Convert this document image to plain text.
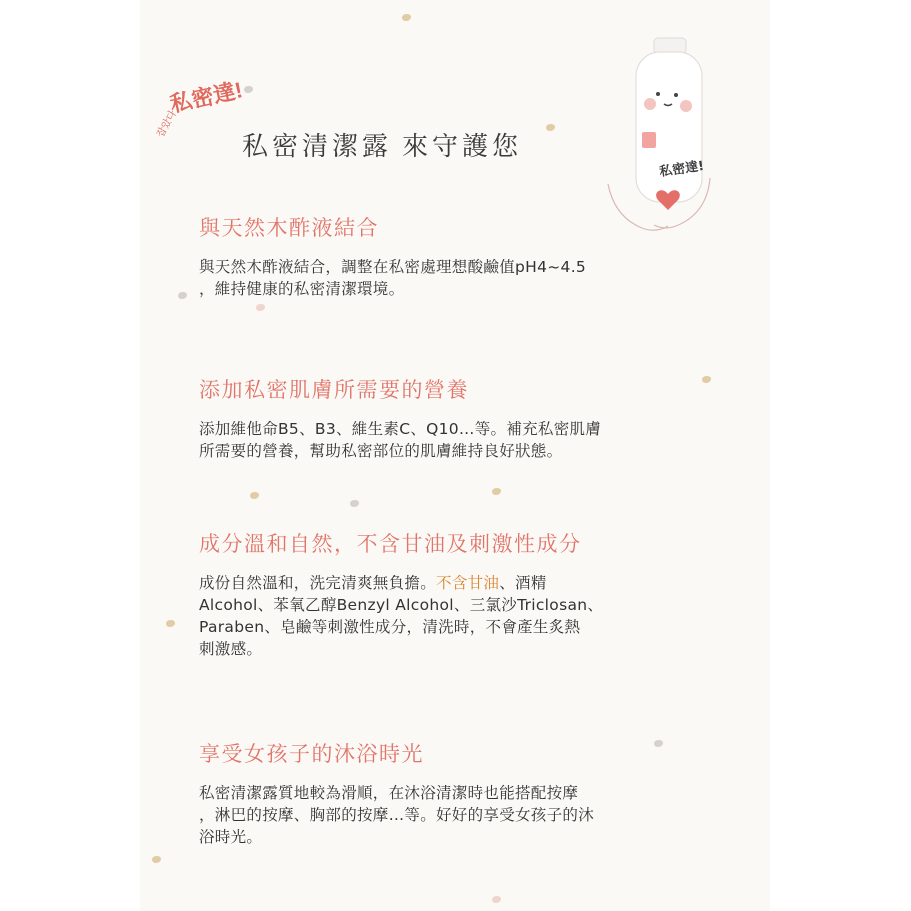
私密達!
잡았다
私密清潔露 來守護您
私密達!
與天然木酢液結合

與天然木酢液結合，調整在私密處理想酸鹼值pH4~4.5
，維持健康的私密清潔環境。

添加私密肌膚所需要的營養

添加維他命B5、B3、維生素C、Q10…等。補充私密肌膚
所需要的營養，幫助私密部位的肌膚維持良好狀態。

成分溫和自然，不含甘油及刺激性成分

成份自然溫和，洗完清爽無負擔。不含甘油、酒精
Alcohol、苯氧乙醇Benzyl Alcohol、三氯沙Triclosan、
Paraben、皂鹼等刺激性成分，清洗時，不會產生炙熱
刺激感。

享受女孩子的沐浴時光

私密清潔露質地較為滑順，在沐浴清潔時也能搭配按摩
，淋巴的按摩、胸部的按摩…等。好好的享受女孩子的沐
浴時光。
